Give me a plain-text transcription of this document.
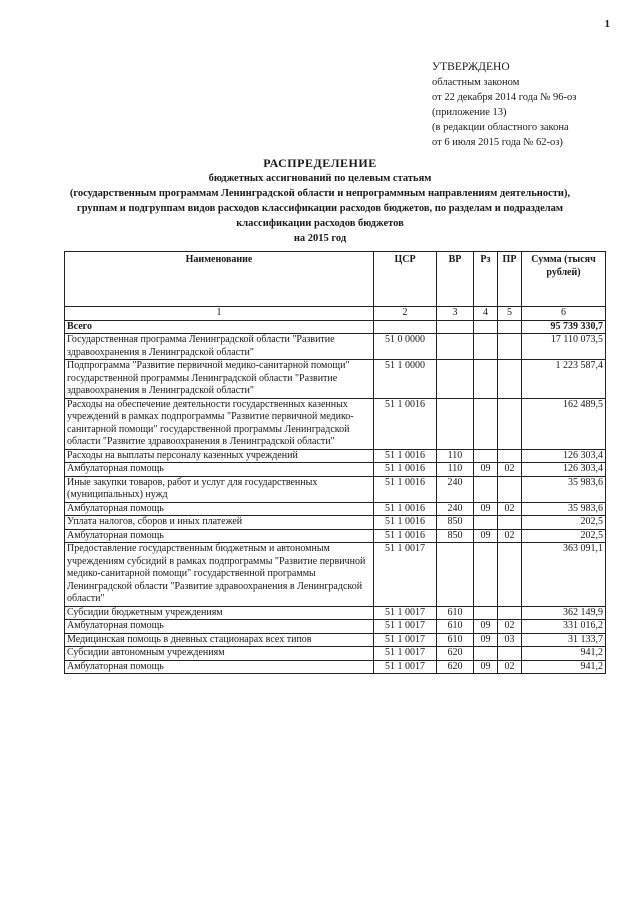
1
УТВЕРЖДЕНО
областным законом
от 22 декабря 2014 года № 96-оз
(приложение 13)
(в редакции областного закона
от 6 июля 2015 года № 62-оз)
РАСПРЕДЕЛЕНИЕ
бюджетных ассигнований по целевым статьям
(государственным программам Ленинградской области и непрограммным направлениям деятельности),
группам и подгруппам видов расходов классификации расходов бюджетов, по разделам и подразделам
классификации расходов бюджетов
на 2015 год
Наименование	ЦСР	ВР	Рз	ПР	Сумма (тысяч рублей)
1	2	3	4	5	6
Всего					95 739 330,7
Государственная программа Ленинградской области "Развитие здравоохранения в Ленинградской области"	51 0 0000				17 110 073,5
Подпрограмма "Развитие первичной медико-санитарной помощи" государственной программы Ленинградской области "Развитие здравоохранения в Ленинградской области"	51 1 0000				1 223 587,4
Расходы на обеспечение деятельности государственных казенных учреждений в рамках подпрограммы "Развитие первичной медико-санитарной помощи" государственной программы Ленинградской области "Развитие здравоохранения в Ленинградской области"	51 1 0016				162 489,5
Расходы на выплаты персоналу казенных учреждений	51 1 0016	110			126 303,4
Амбулаторная помощь	51 1 0016	110	09	02	126 303,4
Иные закупки товаров, работ и услуг для государственных (муниципальных) нужд	51 1 0016	240			35 983,6
Амбулаторная помощь	51 1 0016	240	09	02	35 983,6
Уплата налогов, сборов и иных платежей	51 1 0016	850			202,5
Амбулаторная помощь	51 1 0016	850	09	02	202,5
Предоставление государственным бюджетным и автономным учреждениям субсидий в рамках подпрограммы "Развитие первичной медико-санитарной помощи" государственной программы Ленинградской области "Развитие здравоохранения в Ленинградской области"	51 1 0017				363 091,1
Субсидии бюджетным учреждениям	51 1 0017	610			362 149,9
Амбулаторная помощь	51 1 0017	610	09	02	331 016,2
Медицинская помощь в дневных стационарах всех типов	51 1 0017	610	09	03	31 133,7
Субсидии автономным учреждениям	51 1 0017	620			941,2
Амбулаторная помощь	51 1 0017	620	09	02	941,2
